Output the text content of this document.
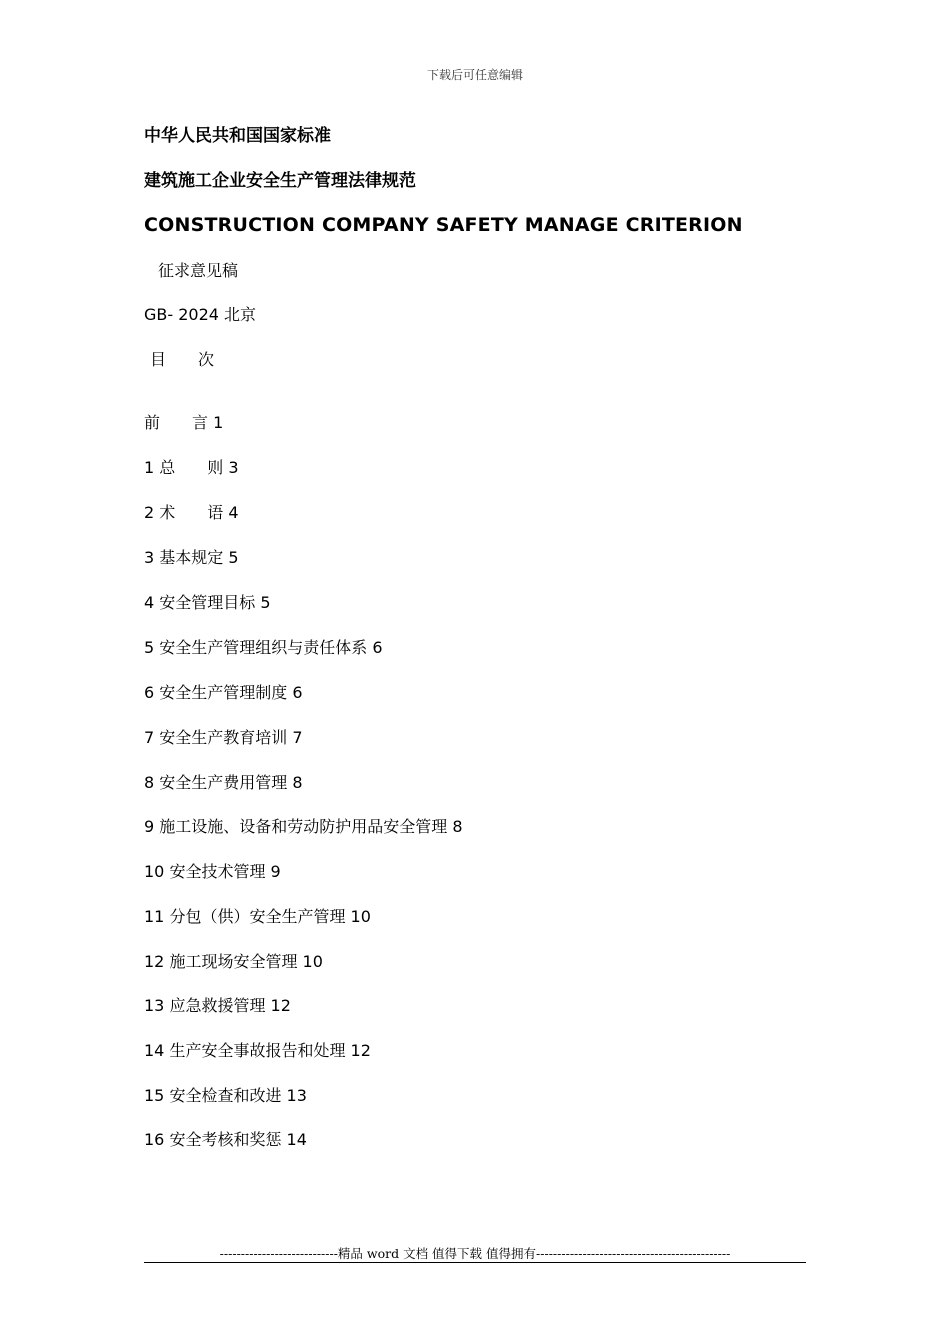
下载后可任意编辑
中华人民共和国国家标准
建筑施工企业安全生产管理法律规范
CONSTRUCTION COMPANY SAFETY MANAGE CRITERION
征求意见稿
GB- 2024 北京
目　　次
前　　言 1
1 总　　则 3
2 术　　语 4
3 基本规定 5
4 安全管理目标 5
5 安全生产管理组织与责任体系 6
6 安全生产管理制度 6
7 安全生产教育培训 7
8 安全生产费用管理 8
9 施工设施、设备和劳动防护用品安全管理 8
10 安全技术管理 9
11 分包（供）安全生产管理 10
12 施工现场安全管理 10
13 应急救援管理 12
14 生产安全事故报告和处理 12
15 安全检查和改进 13
16 安全考核和奖惩 14
----------------------------精品 word 文档 值得下载 值得拥有----------------------------------------------
